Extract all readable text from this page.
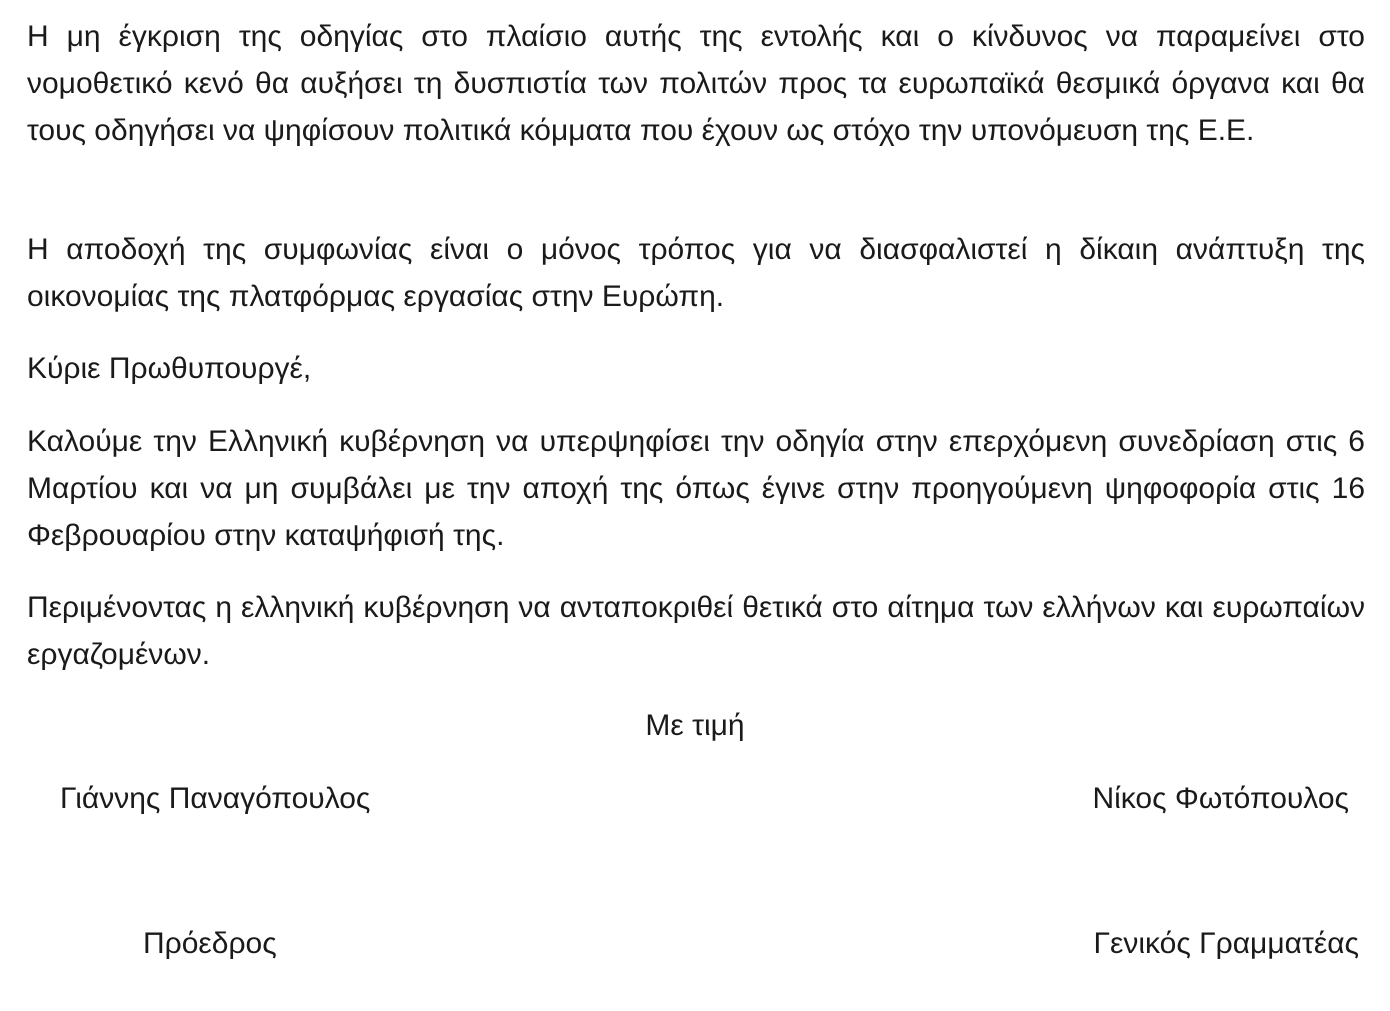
Η μη έγκριση της οδηγίας στο πλαίσιο αυτής της εντολής και ο κίνδυνος να παραμείνει στο νομοθετικό κενό θα αυξήσει τη δυσπιστία των πολιτών προς τα ευρωπαϊκά θεσμικά όργανα και θα τους οδηγήσει να ψηφίσουν πολιτικά κόμματα που έχουν ως στόχο την υπονόμευση της Ε.Ε.

Η αποδοχή της συμφωνίας είναι ο μόνος τρόπος για να διασφαλιστεί η δίκαιη ανάπτυξη της οικονομίας της πλατφόρμας εργασίας στην Ευρώπη.

Κύριε Πρωθυπουργέ,

Καλούμε την Ελληνική κυβέρνηση να υπερψηφίσει την οδηγία στην επερχόμενη συνεδρίαση στις 6 Μαρτίου και να μη συμβάλει με την αποχή της όπως έγινε στην προηγούμενη ψηφοφορία στις 16 Φεβρουαρίου στην καταψήφισή της.

Περιμένοντας η ελληνική κυβέρνηση να ανταποκριθεί θετικά στο αίτημα των ελλήνων και ευρωπαίων εργαζομένων.

Με τιμή
Γιάννης Παναγόπουλος	Νίκος Φωτόπουλος
Πρόεδρος	Γενικός Γραμματέας
